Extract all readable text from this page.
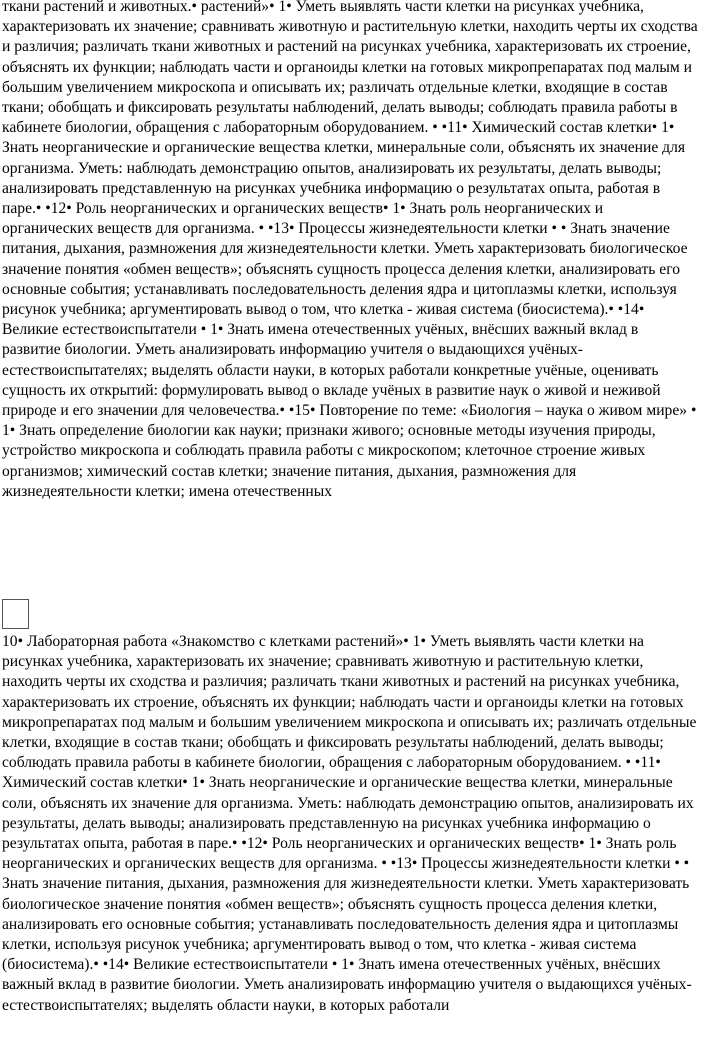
ткани растений и животных.• растений»• 1• Уметь выявлять части клетки на рисунках учебника, характеризовать их значение; сравнивать животную и растительную клетки, находить черты их сходства и различия; различать ткани животных и растений на рисунках учебника, характеризовать их строение, объяснять их функции; наблюдать части и органоиды клетки на готовых микропрепаратах под малым и большим увеличением микроскопа и описывать их; различать отдельные клетки, входящие в состав ткани; обобщать и фиксировать результаты наблюдений, делать выводы; соблюдать правила работы в кабинете биологии, обращения с лабораторным оборудованием. • •11• Химический состав клетки• 1• Знать неорганические и органические вещества клетки, минеральные соли, объяснять их значение для организма. Уметь: наблюдать демонстрацию опытов, анализировать их результаты, делать выводы; анализировать представленную на рисунках учебника информацию о результатах опыта, работая в паре.• •12• Роль неорганических и органических веществ• 1• Знать роль неорганических и органических веществ для организма. • •13• Процессы жизнедеятельности клетки • • Знать значение питания, дыхания, размножения для жизнедеятельности клетки. Уметь характеризовать биологическое значение понятия «обмен веществ»; объяснять сущность процесса деления клетки, анализировать его основные события; устанавливать последовательность деления ядра и цитоплазмы клетки, используя рисунок учебника; аргументировать вывод о том, что клетка - живая система (биосистема).• •14• Великие естествоиспытатели • 1• Знать имена отечественных учёных, внёсших важный вклад в развитие биологии. Уметь анализировать информацию учителя о выдающихся учёных-естествоиспытателях; выделять области науки, в которых работали конкретные учёные, оценивать сущность их открытий: формулировать вывод о вкладе учёных в развитие наук о живой и неживой природе и его значении для человечества.• •15• Повторение по теме: «Биология – наука о живом мире» • 1• Знать определение биологии как науки; признаки живого; основные методы изучения природы, устройство микроскопа и соблюдать правила работы с микроскопом; клеточное строение живых организмов; химический состав клетки; значение питания, дыхания, размножения для жизнедеятельности клетки; имена отечественных
10• Лабораторная работа «Знакомство с клетками растений»• 1• Уметь выявлять части клетки на рисунках учебника, характеризовать их значение; сравнивать животную и растительную клетки, находить черты их сходства и различия; различать ткани животных и растений на рисунках учебника, характеризовать их строение, объяснять их функции; наблюдать части и органоиды клетки на готовых микропрепаратах под малым и большим увеличением микроскопа и описывать их; различать отдельные клетки, входящие в состав ткани; обобщать и фиксировать результаты наблюдений, делать выводы; соблюдать правила работы в кабинете биологии, обращения с лабораторным оборудованием. • •11• Химический состав клетки• 1• Знать неорганические и органические вещества клетки, минеральные соли, объяснять их значение для организма. Уметь: наблюдать демонстрацию опытов, анализировать их результаты, делать выводы; анализировать представленную на рисунках учебника информацию о результатах опыта, работая в паре.• •12• Роль неорганических и органических веществ• 1• Знать роль неорганических и органических веществ для организма. • •13• Процессы жизнедеятельности клетки • • Знать значение питания, дыхания, размножения для жизнедеятельности клетки. Уметь характеризовать биологическое значение понятия «обмен веществ»; объяснять сущность процесса деления клетки, анализировать его основные события; устанавливать последовательность деления ядра и цитоплазмы клетки, используя рисунок учебника; аргументировать вывод о том, что клетка - живая система (биосистема).• •14• Великие естествоиспытатели • 1• Знать имена отечественных учёных, внёсших важный вклад в развитие биологии. Уметь анализировать информацию учителя о выдающихся учёных-естествоиспытателях; выделять области науки, в которых работали
